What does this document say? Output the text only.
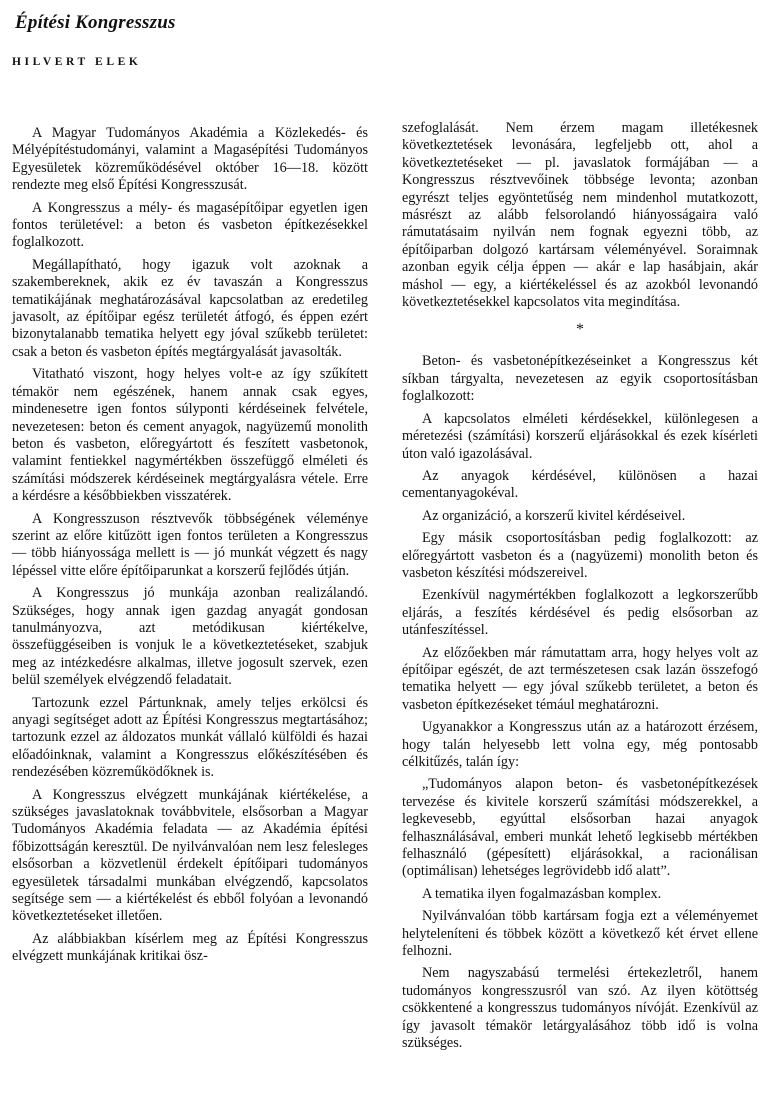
Építési Kongresszus
HILVERT ELEK

A Magyar Tudományos Akadémia a Közlekedés- és Mélyépítéstudományi, valamint a Magasépítési Tudományos Egyesületek közreműködésével október 16—18. között rendezte meg első Építési Kongresszusát.

A Kongresszus a mély- és magasépítőipar egyetlen igen fontos területével: a beton és vasbeton építkezésekkel foglalkozott.

Megállapítható, hogy igazuk volt azoknak a szakembereknek, akik ez év tavaszán a Kongresszus tematikájának meghatározásával kapcsolatban az eredetileg javasolt, az építőipar egész területét átfogó, és éppen ezért bizonytalanabb tematika helyett egy jóval szűkebb területet: csak a beton és vasbeton építés megtárgyalását javasolták.

Vitatható viszont, hogy helyes volt-e az így szűkített témakör nem egészének, hanem annak csak egyes, mindenesetre igen fontos súlyponti kérdéseinek felvétele, nevezetesen: beton és cement anyagok, nagyüzemű monolith beton és vasbeton, előregyártott és feszített vasbetonok, valamint fentiekkel nagymértékben összefüggő elméleti és számítási módszerek kérdéseinek megtárgyalásra vétele. Erre a kérdésre a későbbiekben visszatérek.

A Kongresszuson résztvevők többségének véleménye szerint az előre kitűzött igen fontos területen a Kongresszus — több hiányossága mellett is — jó munkát végzett és nagy lépéssel vitte előre építőiparunkat a korszerű fejlődés útján.

A Kongresszus jó munkája azonban realizálandó. Szükséges, hogy annak igen gazdag anyagát gondosan tanulmányozva, azt metódikusan kiértékelve, összefüggéseiben is vonjuk le a következtetéseket, szabjuk meg az intézkedésre alkalmas, illetve jogosult szervek, ezen belül személyek elvégzendő feladatait.

Tartozunk ezzel Pártunknak, amely teljes erkölcsi és anyagi segítséget adott az Építési Kongresszus megtartásához; tartozunk ezzel az áldozatos munkát vállaló külföldi és hazai előadóinknak, valamint a Kongresszus előkészítésében és rendezésében közreműködőknek is.

A Kongresszus elvégzett munkájának kiértékelése, a szükséges javaslatoknak továbbvitele, elsősorban a Magyar Tudományos Akadémia feladata — az Akadémia építési főbizottságán keresztül. De nyilvánvalóan nem lesz felesleges elsősorban a közvetlenül érdekelt építőipari tudományos egyesületek társadalmi munkában elvégzendő, kapcsolatos segítsége sem — a kiértékelést és ebből folyóan a levonandó következtetéseket illetően.

Az alábbiakban kísérlem meg az Építési Kongresszus elvégzett munkájának kritikai ösz-

szefoglalását. Nem érzem magam illetékesnek következtetések levonására, legfeljebb ott, ahol a következtetéseket — pl. javaslatok formájában — a Kongresszus résztvevőinek többsége levonta; azonban egyrészt teljes egyöntetűség nem mindenhol mutatkozott, másrészt az alább felsorolandó hiányosságaira való rámutatásaim nyilván nem fognak egyezni több, az építőiparban dolgozó kartársam véleményével. Soraimnak azonban egyik célja éppen — akár e lap hasábjain, akár máshol — egy, a kiértékeléssel és az azokból levonandó következtetésekkel kapcsolatos vita megindítása.

*

Beton- és vasbetonépítkezéseinket a Kongresszus két síkban tárgyalta, nevezetesen az egyik csoportosításban foglalkozott:

A kapcsolatos elméleti kérdésekkel, különlegesen a méretezési (számítási) korszerű eljárásokkal és ezek kísérleti úton való igazolásával.

Az anyagok kérdésével, különösen a hazai cementanyagokéval.

Az organizáció, a korszerű kivitel kérdéseivel.

Egy másik csoportosításban pedig foglalkozott: az előregyártott vasbeton és a (nagyüzemi) monolith beton és vasbeton készítési módszereivel.

Ezenkívül nagymértékben foglalkozott a legkorszerűbb eljárás, a feszítés kérdésével és pedig elsősorban az utánfeszítéssel.

Az előzőekben már rámutattam arra, hogy helyes volt az építőipar egészét, de azt természetesen csak lazán összefogó tematika helyett — egy jóval szűkebb területet, a beton és vasbeton építkezéseket témául meghatározni.

Ugyanakkor a Kongresszus után az a határozott érzésem, hogy talán helyesebb lett volna egy, még pontosabb célkitűzés, talán így:

„Tudományos alapon beton- és vasbetonépítkezések tervezése és kivitele korszerű számítási módszerekkel, a legkevesebb, egyúttal elsősorban hazai anyagok felhasználásával, emberi munkát lehető legkisebb mértékben felhasználó (gépesített) eljárásokkal, a racionálisan (optimálisan) lehetséges legrövidebb idő alatt”.

A tematika ilyen fogalmazásban komplex.

Nyilvánvalóan több kartársam fogja ezt a véleményemet helyteleníteni és többek között a következő két érvet ellene felhozni.

Nem nagyszabású termelési értekezletről, hanem tudományos kongresszusról van szó. Az ilyen kötöttség csökkentené a kongresszus tudományos nívóját. Ezenkívül az így javasolt témakör letárgyalásához több idő is volna szükséges.
